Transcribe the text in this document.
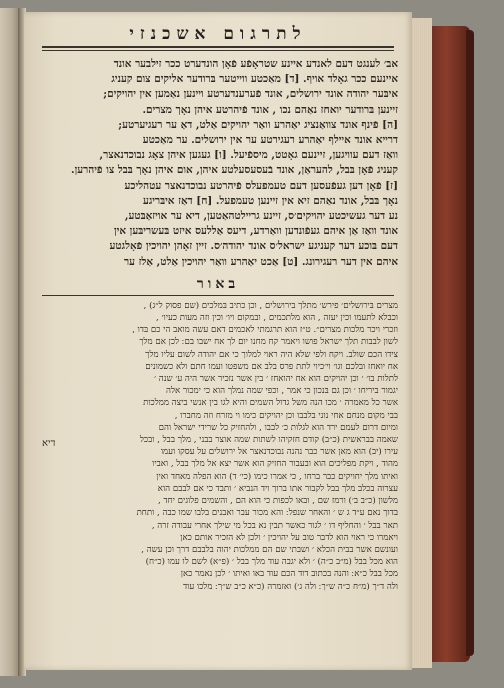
לתרגום אשכנזי

אב׳ לענגט דעם לאנדע איינע שטראָפֿע פֿאָן הונדערט ככר זילבער אונד

איינעם ככר גאָלד אויף. [ד] מאַכטע ווייטער בּרודער אליקים צום קעניג

איבּער יהודה אונד ירושלים, אונד פֿערענדערטע ויינען נאַמען אין יהויקים;

זיינען בּרודער יואחז נאַהם נכו , אונד פֿיהרטע איהן נאָך מצרים.

[ה] פֿינף אונד צוואַנציג יאַהרע וואַר יהויקים אַלט, דאַ ער רעגיערטע;

דרייא אונד איילף יאַהרע רעגירטע ער אין ירושלים. ער מאַכטע

וואַז דעם עוויגען, זיינעם גאָטט, מיספֿיעל. [ו] געגען איהן צאָג נבוכדנאצר,

קעניג פֿאָן בּבל, להעראַן, אונד בֿעסעסעלטע איהן, אום איהן נאָך בּבל צו פֿיהרען.

[ז] פֿאָן דען געפֿעסען דעם טעמפעלס פֿיהרטע נבוכדנאצר עטהליכע

נאָך בּבל, אונד נאַהם זיא אין זיינען טעמפעל. [ח] דאַז איבּריגע

נע דער געשיכטע יהויקים׳ס, זיינע גריילטהאַטען, דיא ער אויזאַבּטע,

אונד וואַז אַן איהם געפֿונדען וואַרדע, דיעס אַללעס איזט בּעשריבּען אין

דעם בּוכע דער קעניגע ישראל׳ס אונד יהודה׳ס. זיין זאָהן יהויכין פֿאָלגטע

איהם אין דער רעגירונג. [ט] אַכט יאַהרע וואַר יהויכין אַלט, אַלז ער

באור

מצרים בּירושלים׳ פירש׳ מתלך בירושלים , וכן כתיב בּמלכים (שם פסוק ל״ג) ,

וכבלא לתעמו וכין יעזה , הוא מלתכמים , ובמקום ויו׳ וכין וזה מעות כעיו׳ ,

וזכרי ויכר מלכות מצרים״. ט״ז הוא תרגמתי לאכמים דאם עשה מואב הי כם בּדו ,

לשון לבבות תלך ישראל פושו ויאמר קח מחנו יום לך אח ישבו בם ׃ לכן אם מלך

צידו הכם שולב. ויקח ולפי שלא היה ראוי למלוך כי אם יהודה לשום עליו מלך

אח יואחז ובלכם וגו׳ וי׳כיוי לתת פרס בלב אם משפטו ועמו חתם ולא כשמונים

לתלות בו׳ ׳ וכן יהויקים הוא אח יהואחז ׳ בין אשר נזכיר אשר היה ע׳ שנה ׳

יגמור ביריחו ׳ וכן גם בּנכון כי אמר , וכפי שמה נמלך הוא כי ימכור אלה

אשר כל מאמרה ׳ מכו הנה משל גדול השמים והיא לגו בין אנשי ביצה ממלכות

בבי מקום מנחם אחי נוני בלבבו וכן יהויקים כימו וי מזרח וזה מחברו ,

ומיום דרום לעמם ירד הוא לגלות כ׳ לבבו , ולהחזיק כל שרידי ישראל והם

שאמה בבראשית (כ״ב) קודם חזקיהו לשתות שמה אוצר בבני , מלך בבל , ובכל

עירו (יב) הוא מאן אשר כבר נהנה נבוכדנאצר אל ירושלים על עסקו ועמו

מהוד , ויקת מפליכים הוא ובעבור החזיק הוא אשר יצא אל מלך בבל , ואביו

ואיתו מלך יחויקים כבר ברחו , כי אמרו כימו (כי׳ ד) הוא הפלה מאחד ואין

עצרוה בכלב מלך בבל לקבור אתו ברוך ויד הנביא ׳ ותבד כי אם לבבם הוא

מלשון (כ״ב ב׳) ורמז שם , ובאו לכפות כי הוא הם , והשמים פלוגים יחד ,

בדוך נאם ע״ד ג ש ׳ והאחר שנפל ׃ והא מכור עבר ואבנים בלבו שמו כבה , ותחת

תאר בבל ׳ והחליף דו ׳ לגור כאשר תבין נא בכל מי שילך אחרי עבודה זרה ,

ויאמרו כי ראוי הוא לדבר טוב על יהויכין ׳ ולכן לא הזכיר אותם כאן

ועונשם אשר בבית הכלא ׳ ושבתי שם הם ממלכות יהוה בלבבם דרך וכן עשה ,

הוא מכל בבל (מ״ב כ״ה) ׳ ולא יגבה עוד מלך בבל ׳ (פ״א) לשם לו עמו (כ״ח)

מכל בבל כ״א ׃ והנה בכתוב דוד הכם עוד באו ואיתו ׳ לכן נאמר כאן

ולה ד״ך (מ״ח כ״ה ש״ך ׃ ולה ג׳) ואזמרה (כ״א כ״ב ש״ך ׃ מלכו עוד

דיא
